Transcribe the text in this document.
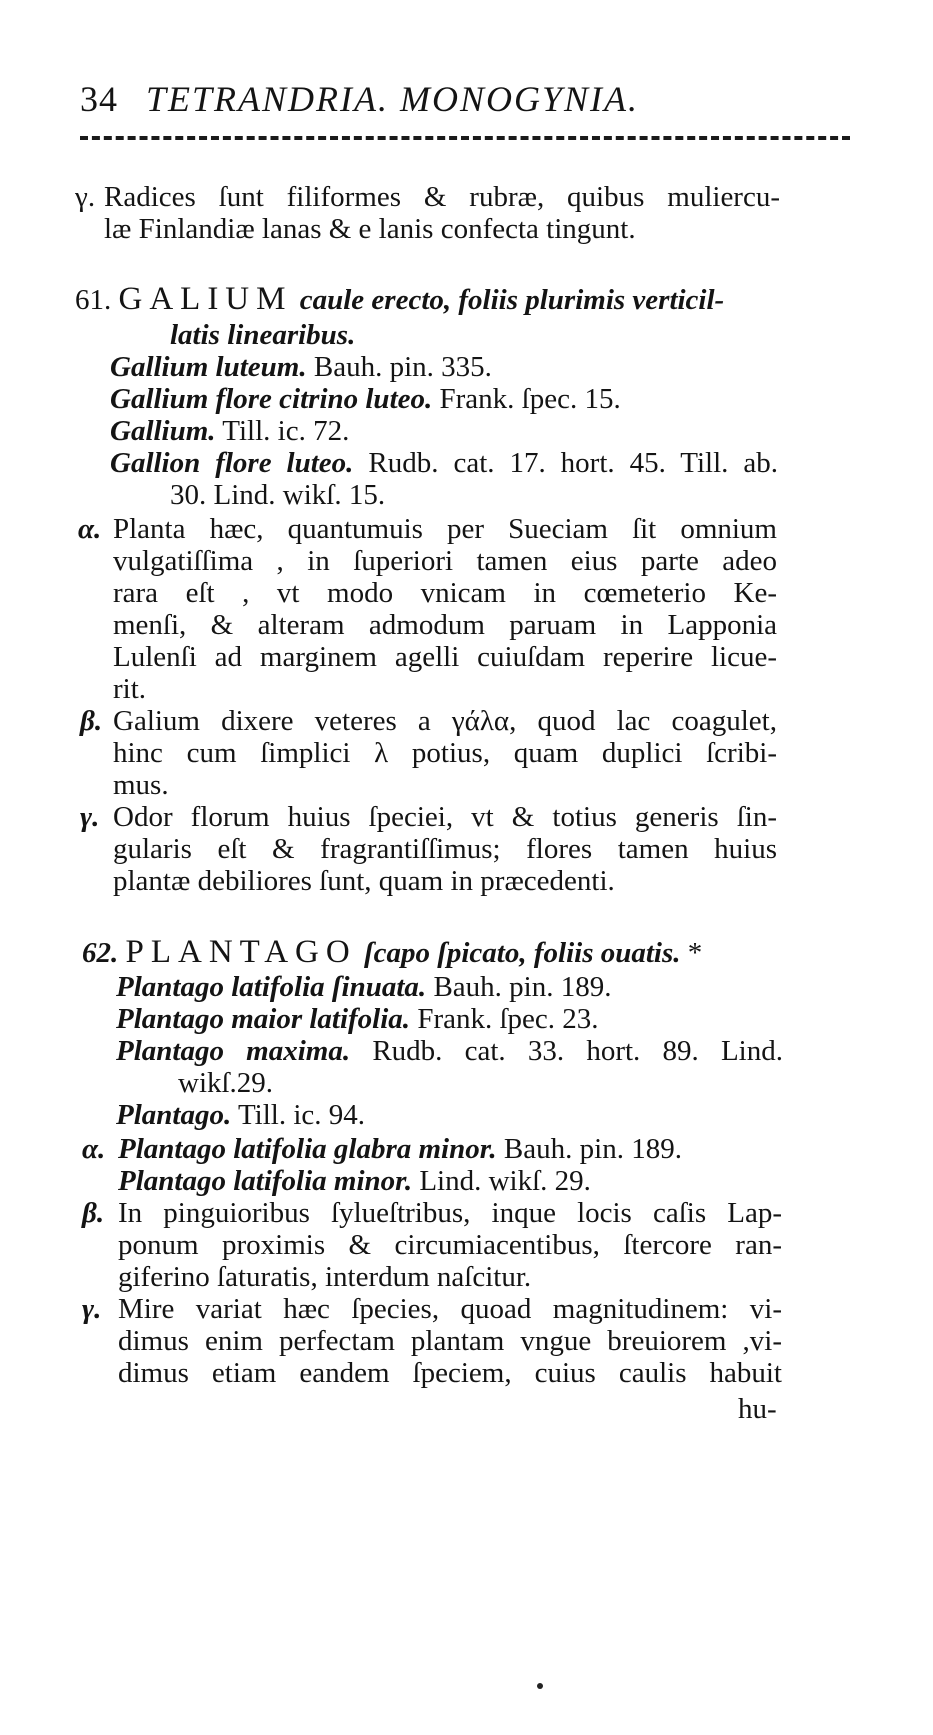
34 TETRANDRIA. MONOGYNIA.
γ. Radices ſunt filiformes & rubræ, quibus muliercu-
læ Finlandiæ lanas & e lanis confecta tingunt.
61. GALIUM caule erecto, foliis plurimis verticil-
latis linearibus.
Gallium luteum. Bauh. pin. 335.
Gallium flore citrino luteo. Frank. ſpec. 15.
Gallium. Till. ic. 72.
Gallion flore luteo. Rudb. cat. 17. hort. 45. Till. ab.
30. Lind. wikſ. 15.
α. Planta hæc, quantumuis per Sueciam ſit omnium
vulgatiſſima , in ſuperiori tamen eius parte adeo
rara eſt , vt modo vnicam in cœmeterio Ke-
menſi, & alteram admodum paruam in Lapponia
Lulenſi ad marginem agelli cuiuſdam reperire licue-
rit.
β. Galium dixere veteres a γάλα, quod lac coagulet,
hinc cum ſimplici λ potius, quam duplici ſcribi-
mus.
γ. Odor florum huius ſpeciei, vt & totius generis ſin-
gularis eſt & fragrantiſſimus; flores tamen huius
plantæ debiliores ſunt, quam in præcedenti.
62. PLANTAGO ſcapo ſpicato, foliis ouatis. *
Plantago latifolia ſinuata. Bauh. pin. 189.
Plantago maior latifolia. Frank. ſpec. 23.
Plantago maxima. Rudb. cat. 33. hort. 89. Lind.
wikſ.29.
Plantago. Till. ic. 94.
α. Plantago latifolia glabra minor. Bauh. pin. 189.
Plantago latifolia minor. Lind. wikſ. 29.
β. In pinguioribus ſylueſtribus, inque locis caſis Lap-
ponum proximis & circumiacentibus, ſtercore ran-
giferino ſaturatis, interdum naſcitur.
γ. Mire variat hæc ſpecies, quoad magnitudinem: vi-
dimus enim perfectam plantam vngue breuiorem ,vi-
dimus etiam eandem ſpeciem, cuius caulis habuit
hu-
